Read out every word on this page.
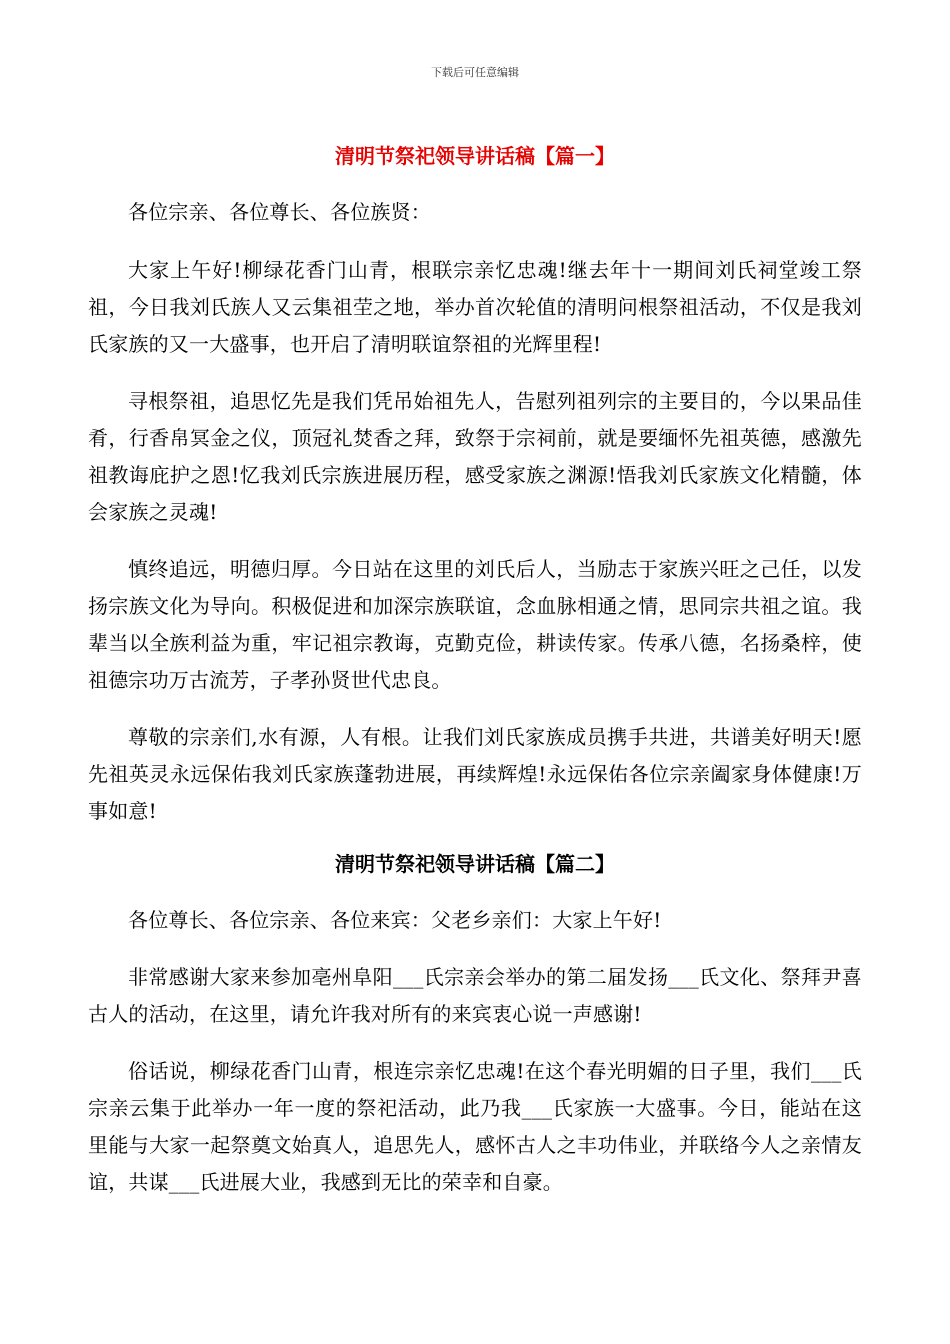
下载后可任意编辑
清明节祭祀领导讲话稿【篇一】

各位宗亲、各位尊长、各位族贤：

大家上午好!柳绿花香门山青，根联宗亲忆忠魂!继去年十一期间刘氏祠堂竣工祭祖，今日我刘氏族人又云集祖茔之地，举办首次轮值的清明问根祭祖活动，不仅是我刘氏家族的又一大盛事，也开启了清明联谊祭祖的光辉里程!

寻根祭祖，追思忆先是我们凭吊始祖先人，告慰列祖列宗的主要目的，今以果品佳肴，行香帛冥金之仪，顶冠礼焚香之拜，致祭于宗祠前，就是要缅怀先祖英德，感激先祖教诲庇护之恩!忆我刘氏宗族进展历程，感受家族之渊源!悟我刘氏家族文化精髓，体会家族之灵魂!

慎终追远，明德归厚。今日站在这里的刘氏后人，当励志于家族兴旺之己任，以发扬宗族文化为导向。积极促进和加深宗族联谊，念血脉相通之情，思同宗共祖之谊。我辈当以全族利益为重，牢记祖宗教诲，克勤克俭，耕读传家。传承八德，名扬桑梓，使祖德宗功万古流芳，子孝孙贤世代忠良。

尊敬的宗亲们,水有源，人有根。让我们刘氏家族成员携手共进，共谱美好明天!愿先祖英灵永远保佑我刘氏家族蓬勃进展，再续辉煌!永远保佑各位宗亲阖家身体健康!万事如意!

清明节祭祀领导讲话稿【篇二】

各位尊长、各位宗亲、各位来宾：父老乡亲们：大家上午好!

非常感谢大家来参加亳州阜阳___氏宗亲会举办的第二届发扬___氏文化、祭拜尹喜古人的活动，在这里，请允许我对所有的来宾衷心说一声感谢!

俗话说，柳绿花香门山青，根连宗亲忆忠魂!在这个春光明媚的日子里，我们___氏宗亲云集于此举办一年一度的祭祀活动，此乃我___氏家族一大盛事。今日，能站在这里能与大家一起祭奠文始真人，追思先人，感怀古人之丰功伟业，并联络今人之亲情友谊，共谋___氏进展大业，我感到无比的荣幸和自豪。
